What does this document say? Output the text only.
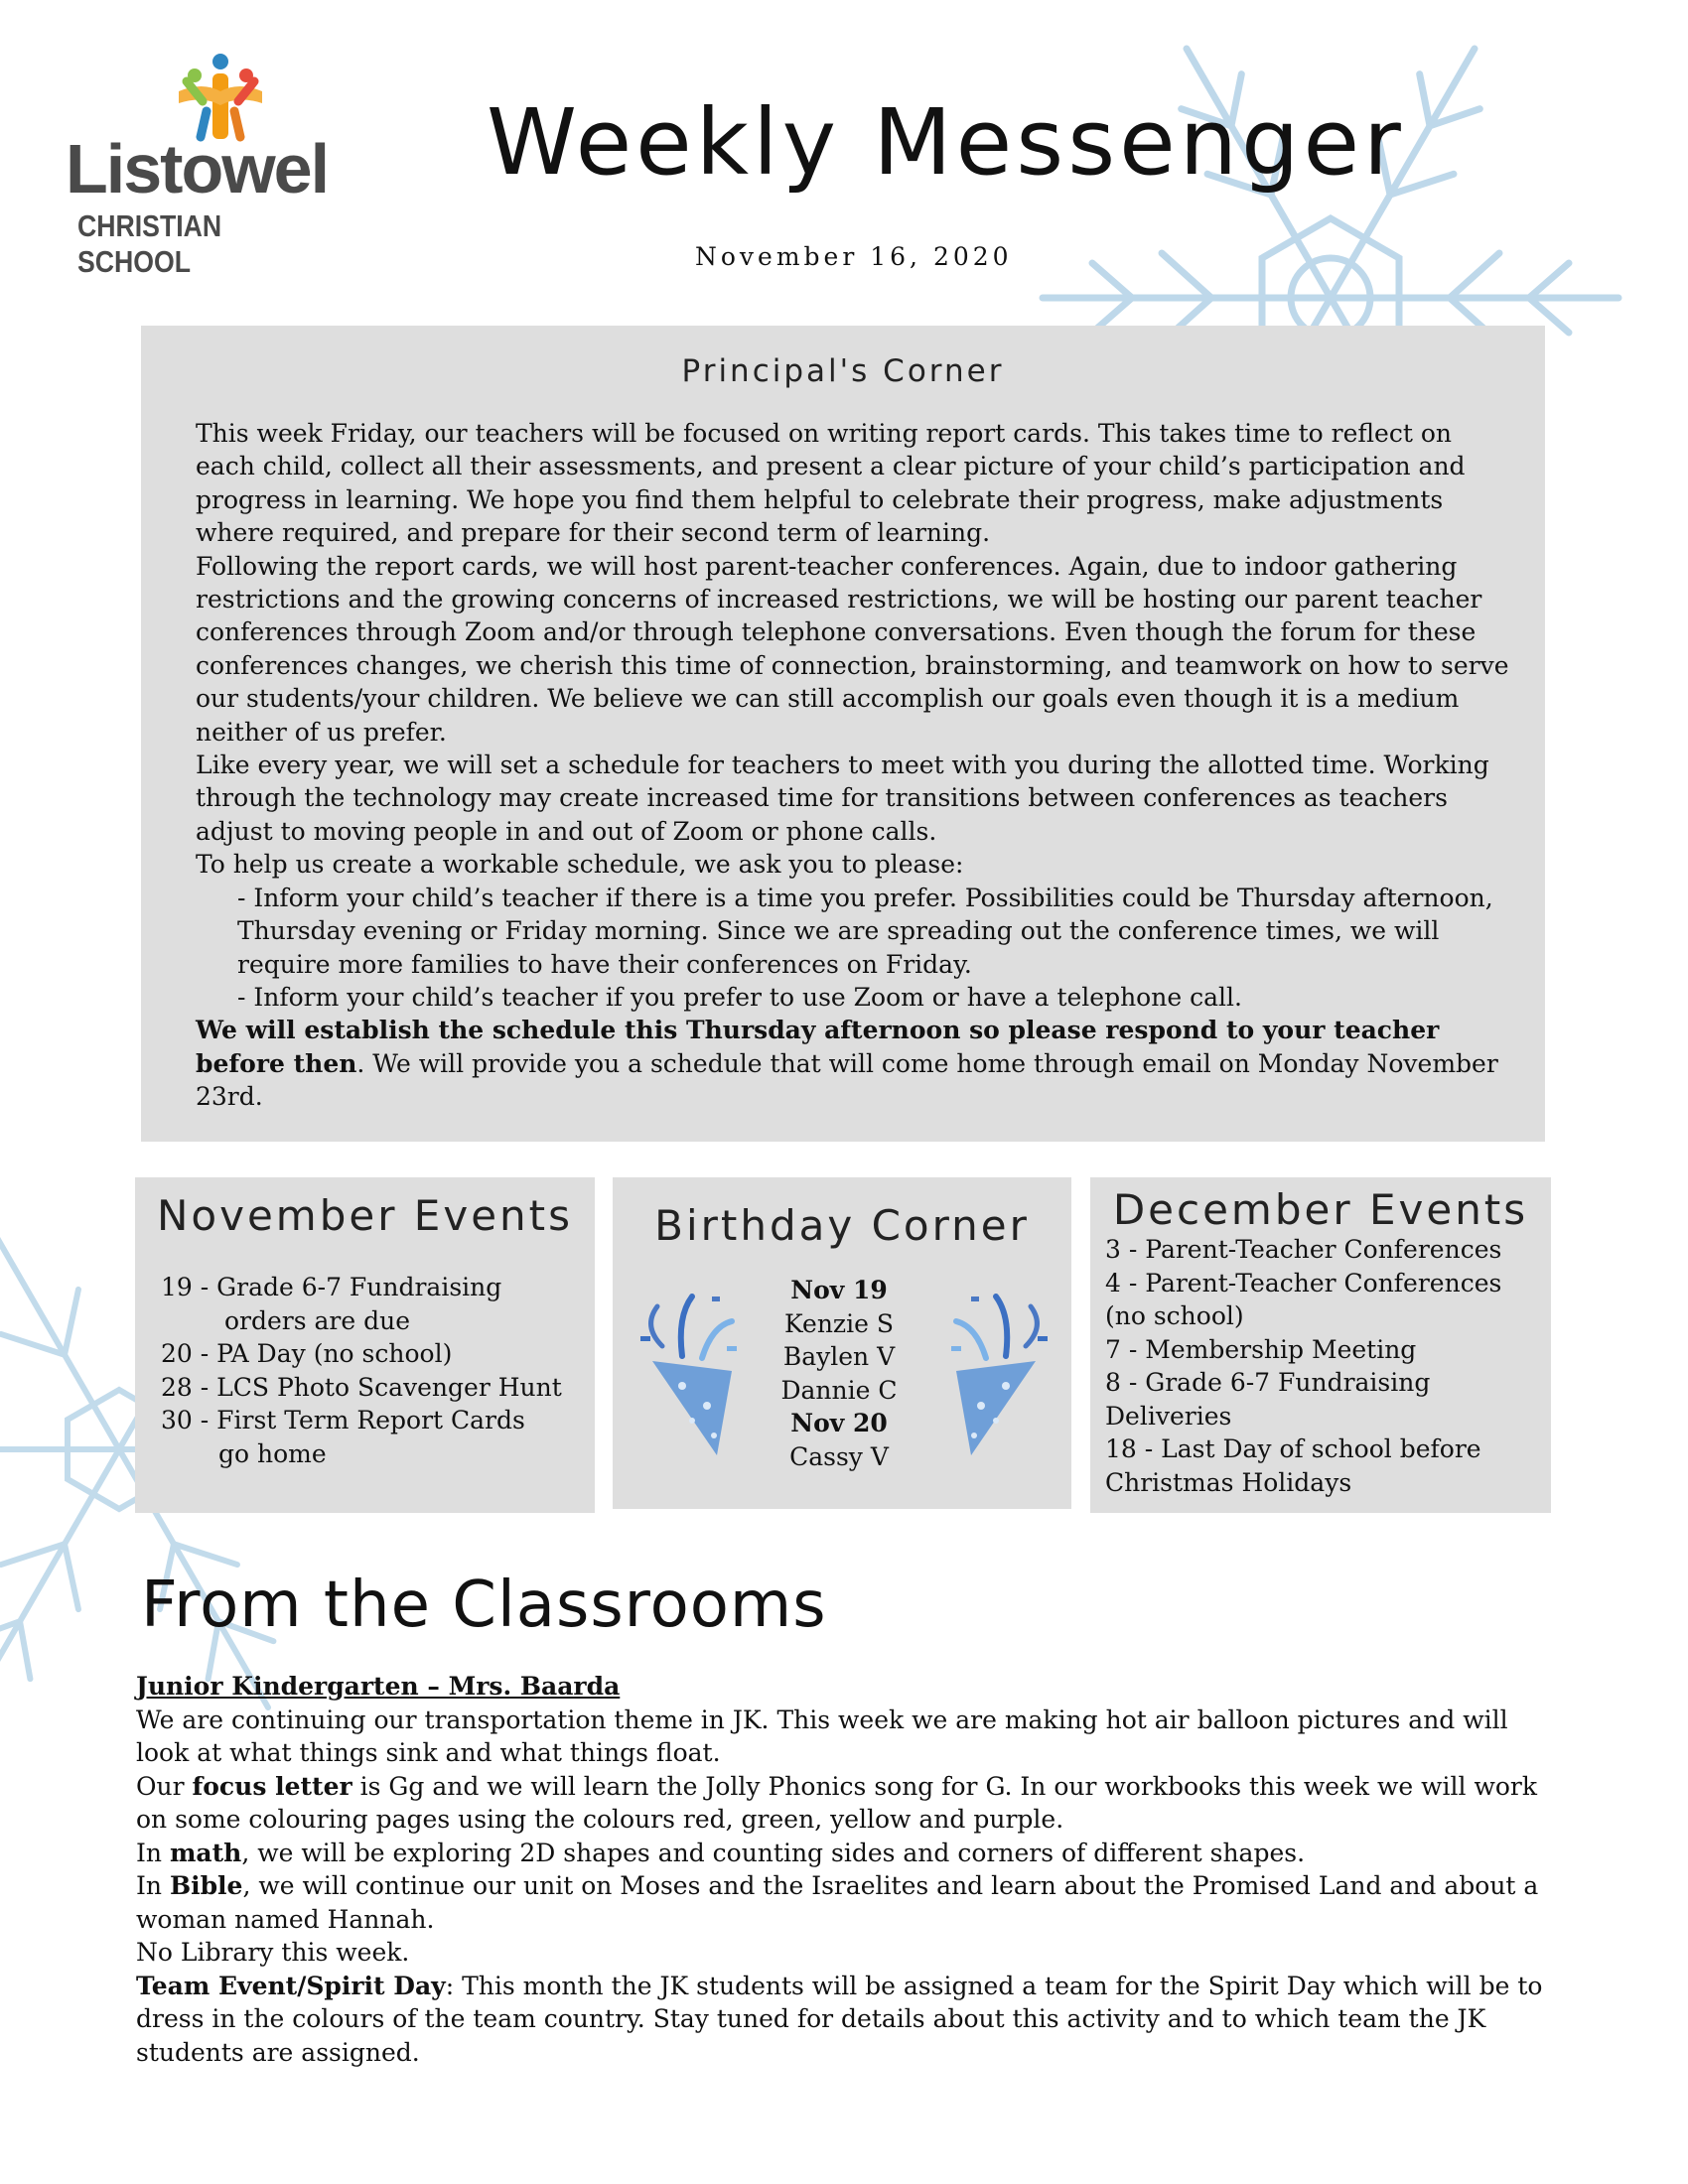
Listowel
CHRISTIAN SCHOOL
Weekly Messenger
November 16, 2020
Principal's Corner

This week Friday, our teachers will be focused on writing report cards. This takes time to reflect on each child, collect all their assessments, and present a clear picture of your child’s participation and progress in learning. We hope you find them helpful to celebrate their progress, make adjustments where required, and prepare for their second term of learning.

Following the report cards, we will host parent-teacher conferences. Again, due to indoor gathering restrictions and the growing concerns of increased restrictions, we will be hosting our parent teacher conferences through Zoom and/or through telephone conversations. Even though the forum for these conferences changes, we cherish this time of connection, brainstorming, and teamwork on how to serve our students/your children. We believe we can still accomplish our goals even though it is a medium neither of us prefer.

Like every year, we will set a schedule for teachers to meet with you during the allotted time. Working through the technology may create increased time for transitions between conferences as teachers adjust to moving people in and out of Zoom or phone calls.

To help us create a workable schedule, we ask you to please:

- Inform your child’s teacher if there is a time you prefer. Possibilities could be Thursday afternoon, Thursday evening or Friday morning. Since we are spreading out the conference times, we will require more families to have their conferences on Friday.

- Inform your child’s teacher if you prefer to use Zoom or have a telephone call.

We will establish the schedule this Thursday afternoon so please respond to your teacher before then. We will provide you a schedule that will come home through email on Monday November 23rd.

November Events
19 - Grade 6-7 Fundraising
orders are due
20 - PA Day (no school)
28 - LCS Photo Scavenger Hunt
30 - First Term Report Cards
go home
Birthday Corner
Nov 19
Kenzie S
Baylen V
Dannie C
Nov 20
Cassy V
December Events
3 - Parent-Teacher Conferences
4 - Parent-Teacher Conferences
(no school)
7 - Membership Meeting
8 - Grade 6-7 Fundraising
Deliveries
18 - Last Day of school before
Christmas Holidays
From the Classrooms

Junior Kindergarten – Mrs. Baarda

We are continuing our transportation theme in JK. This week we are making hot air balloon pictures and will look at what things sink and what things float.

Our focus letter is Gg and we will learn the Jolly Phonics song for G. In our workbooks this week we will work on some colouring pages using the colours red, green, yellow and purple.

In math, we will be exploring 2D shapes and counting sides and corners of different shapes.

In Bible, we will continue our unit on Moses and the Israelites and learn about the Promised Land and about a woman named Hannah.

No Library this week.

Team Event/Spirit Day: This month the JK students will be assigned a team for the Spirit Day which will be to dress in the colours of the team country. Stay tuned for details about this activity and to which team the JK students are assigned.
